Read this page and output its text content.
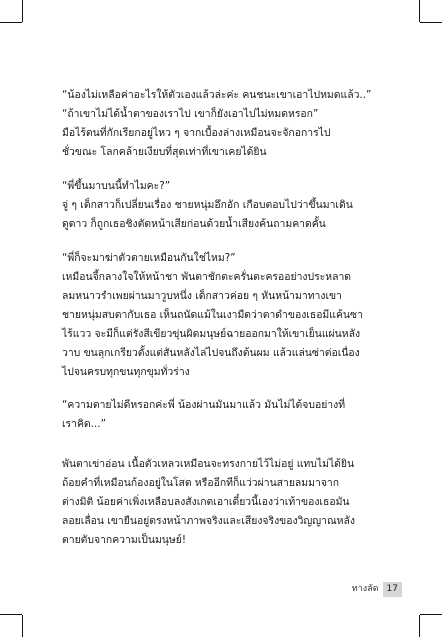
“น้องไม่เหลือค่าอะไรให้ตัวเองแล้วล่ะค่ะ คนชนะเขาเอาไปหมดแล้ว..”
“ถ้าเขาไม่ได้น้ำตาของเราไป เขาก็ยังเอาไปไม่หมดหรอก”
มือไร้ตนที่กักเรียกอยู่ไหว ๆ จากเบื้องล่างเหมือนจะจักอการไป
ชั่วขณะ โลกคล้ายเงียบที่สุดเท่าที่เขาเคยได้ยิน
“พี่ขึ้นมาบนนี้ทำไมคะ?”
จู่ ๆ เด็กสาวก็เปลี่ยนเรื่อง ชายหนุ่มอึกอัก เกือบตอบไปว่าขึ้นมาเดิน
ดูดาว ก็ถูกเธอชิงตัดหน้าเสียก่อนด้วยน้ำเสียงค้นถามคาดคั้น
“พี่ก็จะมาฆ่าตัวตายเหมือนกันใช่ไหม?”
เหมือนจี้กลางใจให้หน้าชา พันตาชักตะครั่นตะครออย่างประหลาด
ลมหนาวรำเพยผ่านมาวูบหนึ่ง เด็กสาวค่อย ๆ หันหน้ามาทางเขา
ชายหนุ่มสบตากับเธอ เห็นถนัดแม้ในเงามืดว่าตาดำของเธอมีแค้นซา
ไร้แวว จะมีก็แต่รังสีเขียวขุ่นผิดมนุษย์ฉายออกมาให้เขาเย็นแผ่นหลัง
วาบ ขนลุกเกรียวตั้งแต่สันหลังไล่ไปจนถึงต้นผม แล้วแล่นซ่าต่อเนื่อง
ไปจนครบทุกขนทุกขุมทั่วร่าง
“ความตายไม่ดีหรอกค่ะพี่ น้องผ่านมันมาแล้ว มันไม่ได้จบอย่างที่
เราคิด...”
พันตาเข่าอ่อน เนื้อตัวเหลวเหมือนจะทรงกายไว้ไม่อยู่ แทบไม่ได้ยิน
ถ้อยคำที่เหมือนก้องอยู่ในโสต หรืออีกทีก็แว่วผ่านสายลมมาจาก
ต่างมิติ น้อยค่าเพิ่งเหลือบลงสังเกตเอาเดี๋ยวนี้เองว่าเท้าของเธอมัน
ลอยเลื่อน เขายืนอยู่ตรงหน้าภาพจริงและเสียงจริงของวิญญาณหลัง
ตายตับจากความเป็นมนุษย์!
ทางลัด 17
